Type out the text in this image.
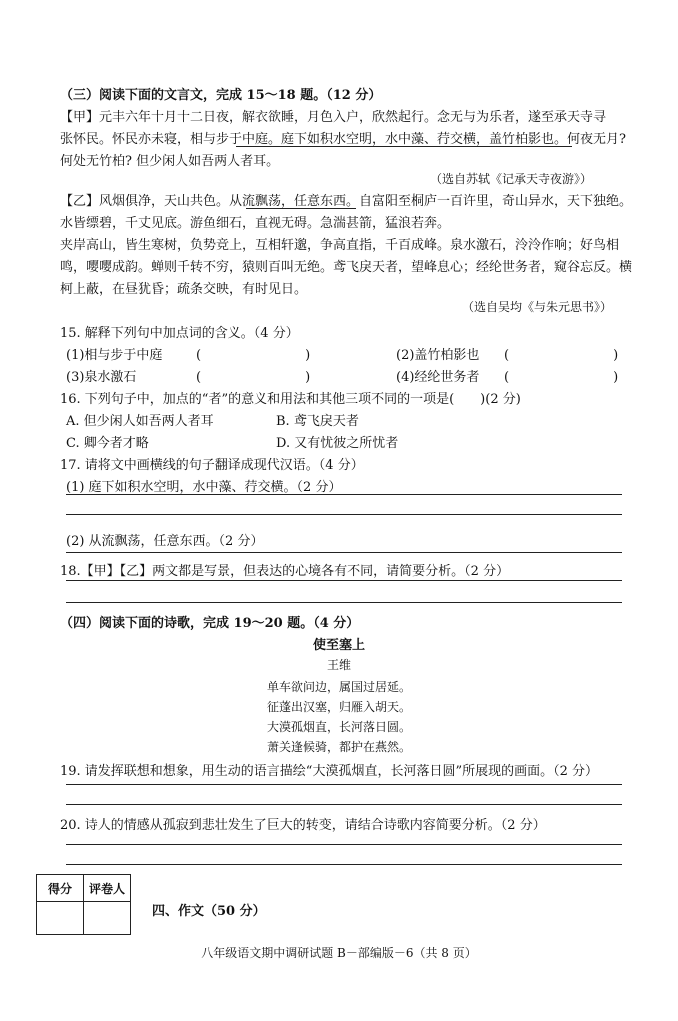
（三）阅读下面的文言文，完成 15～18 题。（12 分）
【甲】元丰六年十月十二日夜，解衣欲睡，月色入户，欣然起行。念无与为乐者，遂至承天寺寻
张怀民。怀民亦未寝，相与步于中庭。庭下如积水空明，水中藻、荇交横，盖竹柏影也。何夜无月?
何处无竹柏? 但少闲人如吾两人者耳。
（选自苏轼《记承天寺夜游》）
【乙】风烟俱净，天山共色。从流飘荡，任意东西。自富阳至桐庐一百许里，奇山异水，天下独绝。
水皆缥碧，千丈见底。游鱼细石，直视无碍。急湍甚箭，猛浪若奔。
夹岸高山，皆生寒树，负势竞上，互相轩邈，争高直指，千百成峰。泉水激石，泠泠作响；好鸟相
鸣，嘤嘤成韵。蝉则千转不穷，猿则百叫无绝。鸢飞戾天者，望峰息心；经纶世务者，窥谷忘反。横
柯上蔽，在昼犹昏；疏条交映，有时见日。
（选自吴均《与朱元思书》）
15. 解释下列句中加点词的含义。（4 分）
(1)相与步于中庭	(　　　　　　　　)	(2)盖竹柏影也 (　　　　　　　　)
(3)泉水激石	(　　　　　　　　)	(4)经纶世务者 (　　　　　　　　)
16. 下列句子中，加点的“者”的意义和用法和其他三项不同的一项是(　　)(2 分)
A. 但少闲人如吾两人者耳	B. 鸢飞戾天者
C. 卿今者才略	D. 又有忧彼之所忧者
17. 请将文中画横线的句子翻译成现代汉语。（4 分）
(1) 庭下如积水空明，水中藻、荇交横。（2 分）
(2) 从流飘荡，任意东西。（2 分）
18.【甲】【乙】两文都是写景，但表达的心境各有不同，请简要分析。（2 分）
（四）阅读下面的诗歌，完成 19～20 题。（4 分）
使至塞上
王维
单车欲问边，属国过居延。
征蓬出汉塞，归雁入胡天。
大漠孤烟直，长河落日圆。
萧关逢候骑，都护在燕然。
19. 请发挥联想和想象，用生动的语言描绘“大漠孤烟直，长河落日圆”所展现的画面。（2 分）
20. 诗人的情感从孤寂到悲壮发生了巨大的转变，请结合诗歌内容简要分析。（2 分）
得分	评卷人

四、作文（50 分）
八年级语文期中调研试题 B－部编版－6（共 8 页）
